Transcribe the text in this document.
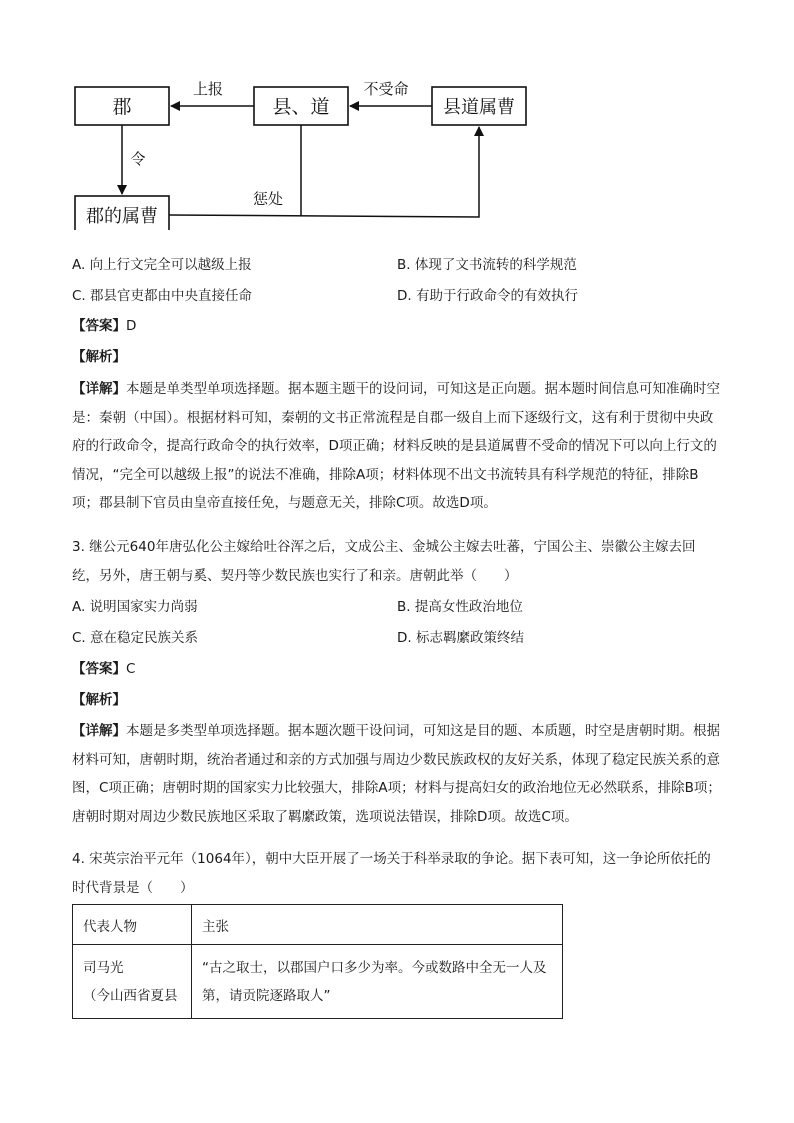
郡	县、道	县道属曹
郡的属曹
上报	不受命
令
惩处
A. 向上行文完全可以越级上报	B. 体现了文书流转的科学规范
C. 郡县官吏都由中央直接任命	D. 有助于行政命令的有效执行
【答案】D
【解析】
【详解】本题是单类型单项选择题。据本题主题干的设问词，可知这是正向题。据本题时间信息可知准确时空是：秦朝（中国）。根据材料可知，秦朝的文书正常流程是自郡一级自上而下逐级行文，这有利于贯彻中央政府的行政命令，提高行政命令的执行效率，D项正确；材料反映的是县道属曹不受命的情况下可以向上行文的情况，“完全可以越级上报”的说法不准确，排除A项；材料体现不出文书流转具有科学规范的特征，排除B项；郡县制下官员由皇帝直接任免，与题意无关，排除C项。故选D项。
3. 继公元640年唐弘化公主嫁给吐谷浑之后，文成公主、金城公主嫁去吐蕃，宁国公主、崇徽公主嫁去回纥，另外，唐王朝与奚、契丹等少数民族也实行了和亲。唐朝此举（　　）
A. 说明国家实力尚弱	B. 提高女性政治地位
C. 意在稳定民族关系	D. 标志羁縻政策终结
【答案】C
【解析】
【详解】本题是多类型单项选择题。据本题次题干设问词，可知这是目的题、本质题，时空是唐朝时期。根据材料可知，唐朝时期，统治者通过和亲的方式加强与周边少数民族政权的友好关系，体现了稳定民族关系的意图，C项正确；唐朝时期的国家实力比较强大，排除A项；材料与提高妇女的政治地位无必然联系，排除B项；唐朝时期对周边少数民族地区采取了羁縻政策，选项说法错误，排除D项。故选C项。
4. 宋英宗治平元年（1064年），朝中大臣开展了一场关于科举录取的争论。据下表可知，这一争论所依托的时代背景是（　　）
代表人物	主张

司马光
（今山西省夏县	“古之取士，以郡国户口多少为率。今或数路中全无一人及第，请贡院逐路取人”
